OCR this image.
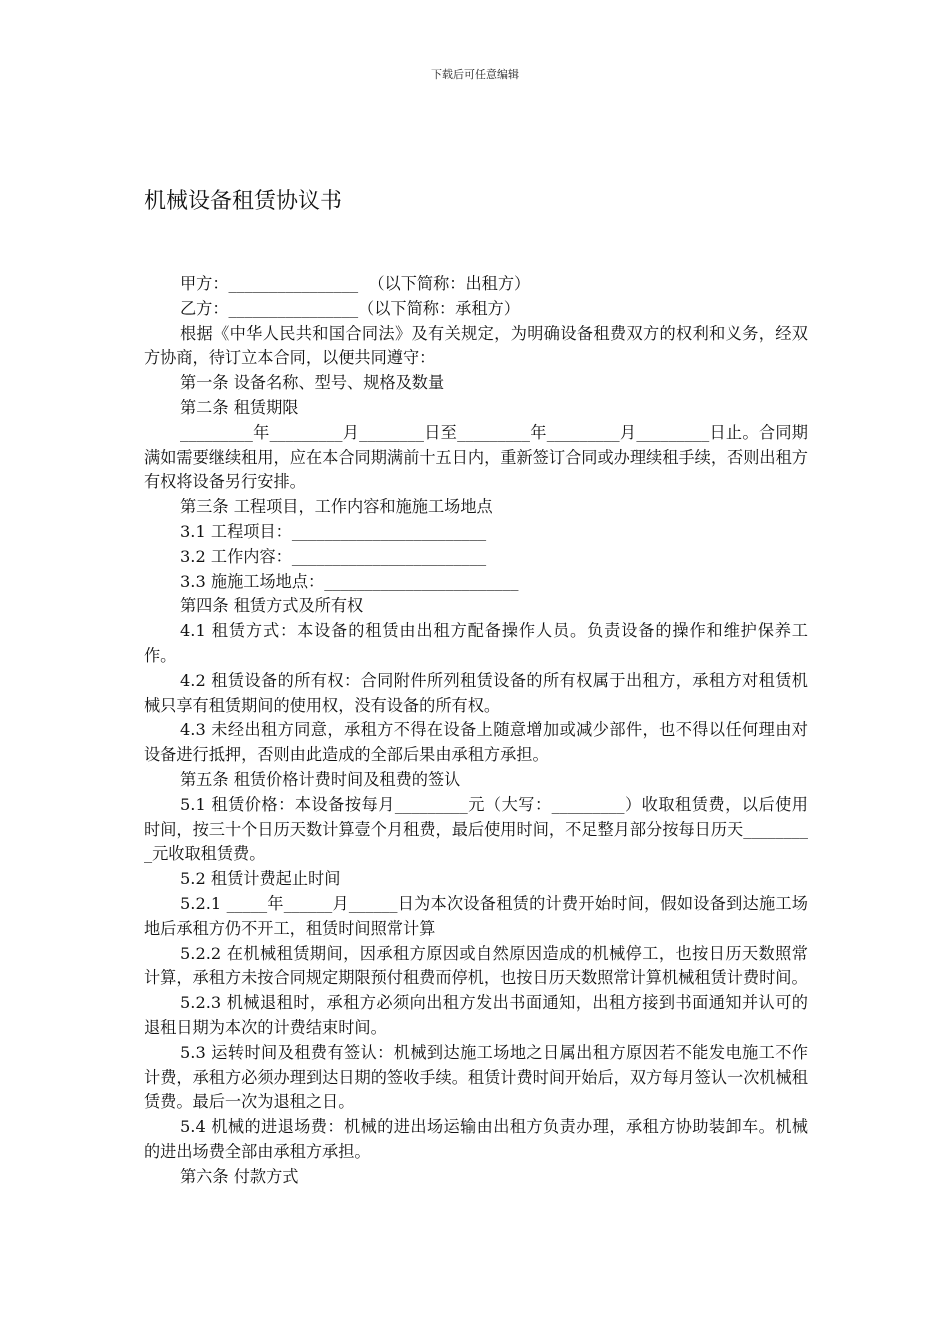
下载后可任意编辑
机械设备租赁协议书

甲方：________________  （以下简称：出租方）

乙方：________________（以下简称：承租方）

根据《中华人民共和国合同法》及有关规定，为明确设备租费双方的权利和义务，经双方协商，待订立本合同，以便共同遵守：

第一条 设备名称、型号、规格及数量

第二条 租赁期限

_________年_________月________日至_________年_________月_________日止。合同期满如需要继续租用，应在本合同期满前十五日内，重新签订合同或办理续租手续，否则出租方有权将设备另行安排。

第三条 工程项目，工作内容和施施工场地点

3.1 工程项目：________________________

3.2 工作内容：________________________

3.3 施施工场地点：________________________

第四条 租赁方式及所有权

4.1 租赁方式：本设备的租赁由出租方配备操作人员。负责设备的操作和维护保养工作。

4.2 租赁设备的所有权：合同附件所列租赁设备的所有权属于出租方，承租方对租赁机械只享有租赁期间的使用权，没有设备的所有权。

4.3 未经出租方同意，承租方不得在设备上随意增加或减少部件，也不得以任何理由对设备进行抵押，否则由此造成的全部后果由承租方承担。

第五条 租赁价格计费时间及租费的签认

5.1 租赁价格：本设备按每月_________元（大写：_________）收取租赁费，以后使用时间，按三十个日历天数计算壹个月租费，最后使用时间，不足整月部分按每日历天_________元收取租赁费。

5.2 租赁计费起止时间

5.2.1 _____年______月______日为本次设备租赁的计费开始时间，假如设备到达施工场地后承租方仍不开工，租赁时间照常计算

5.2.2 在机械租赁期间，因承租方原因或自然原因造成的机械停工，也按日历天数照常计算，承租方未按合同规定期限预付租费而停机，也按日历天数照常计算机械租赁计费时间。

5.2.3 机械退租时，承租方必须向出租方发出书面通知，出租方接到书面通知并认可的退租日期为本次的计费结束时间。

5.3 运转时间及租费有签认：机械到达施工场地之日属出租方原因若不能发电施工不作计费，承租方必须办理到达日期的签收手续。租赁计费时间开始后，双方每月签认一次机械租赁费。最后一次为退租之日。

5.4 机械的进退场费：机械的进出场运输由出租方负责办理，承租方协助装卸车。机械的进出场费全部由承租方承担。

第六条 付款方式
